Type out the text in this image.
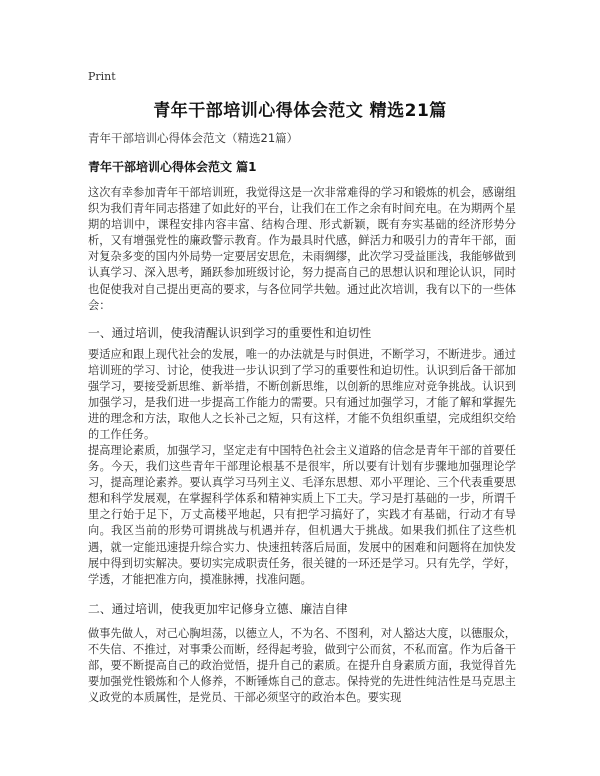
Print
青年干部培训心得体会范文 精选21篇
青年干部培训心得体会范文（精选21篇）
青年干部培训心得体会范文 篇1
这次有幸参加青年干部培训班，我觉得这是一次非常难得的学习和锻炼的机会，感谢组织为我们青年同志搭建了如此好的平台，让我们在工作之余有时间充电。在为期两个星期的培训中，课程安排内容丰富、结构合理、形式新颖，既有夯实基础的经济形势分析，又有增强党性的廉政警示教育。作为最具时代感，鲜活力和吸引力的青年干部，面对复杂多变的国内外局势一定要居安思危，未雨绸缪，此次学习受益匪浅，我能够做到认真学习、深入思考，踊跃参加班级讨论，努力提高自己的思想认识和理论认识，同时也促使我对自己提出更高的要求，与各位同学共勉。通过此次培训，我有以下的一些体会：
一、通过培训，使我清醒认识到学习的重要性和迫切性
要适应和跟上现代社会的发展，唯一的办法就是与时俱进，不断学习，不断进步。通过培训班的学习、讨论，使我进一步认识到了学习的重要性和迫切性。认识到后备干部加强学习，要接受新思维、新举措，不断创新思维，以创新的思维应对竞争挑战。认识到加强学习，是我们进一步提高工作能力的需要。只有通过加强学习，才能了解和掌握先进的理念和方法，取他人之长补己之短，只有这样，才能不负组织重望，完成组织交给的工作任务。
提高理论素质，加强学习，坚定走有中国特色社会主义道路的信念是青年干部的首要任务。今天，我们这些青年干部理论根基不是很牢，所以要有计划有步骤地加强理论学习，提高理论素养。要认真学习马列主义、毛泽东思想、邓小平理论、三个代表重要思想和科学发展观，在掌握科学体系和精神实质上下工夫。学习是打基础的一步，所谓千里之行始于足下，万丈高楼平地起，只有把学习搞好了，实践才有基础，行动才有导向。我区当前的形势可谓挑战与机遇并存，但机遇大于挑战。如果我们抓住了这些机遇，就一定能迅速提升综合实力、快速扭转落后局面，发展中的困难和问题将在加快发展中得到切实解决。要切实完成职责任务，很关键的一环还是学习。只有先学，学好，学透，才能把准方向，摸准脉搏，找准问题。
二、通过培训，使我更加牢记修身立德、廉洁自律
做事先做人，对己心胸坦荡，以德立人，不为名、不图利，对人豁达大度，以德服众，不失信、不推过，对事秉公而断，经得起考验，做到宁公而贫，不私而富。作为后备干部，要不断提高自己的政治觉悟，提升自己的素质。在提升自身素质方面，我觉得首先要加强党性锻炼和个人修养，不断锤炼自己的意志。保持党的先进性纯洁性是马克思主义政党的本质属性，是党员、干部必须坚守的政治本色。要实现
